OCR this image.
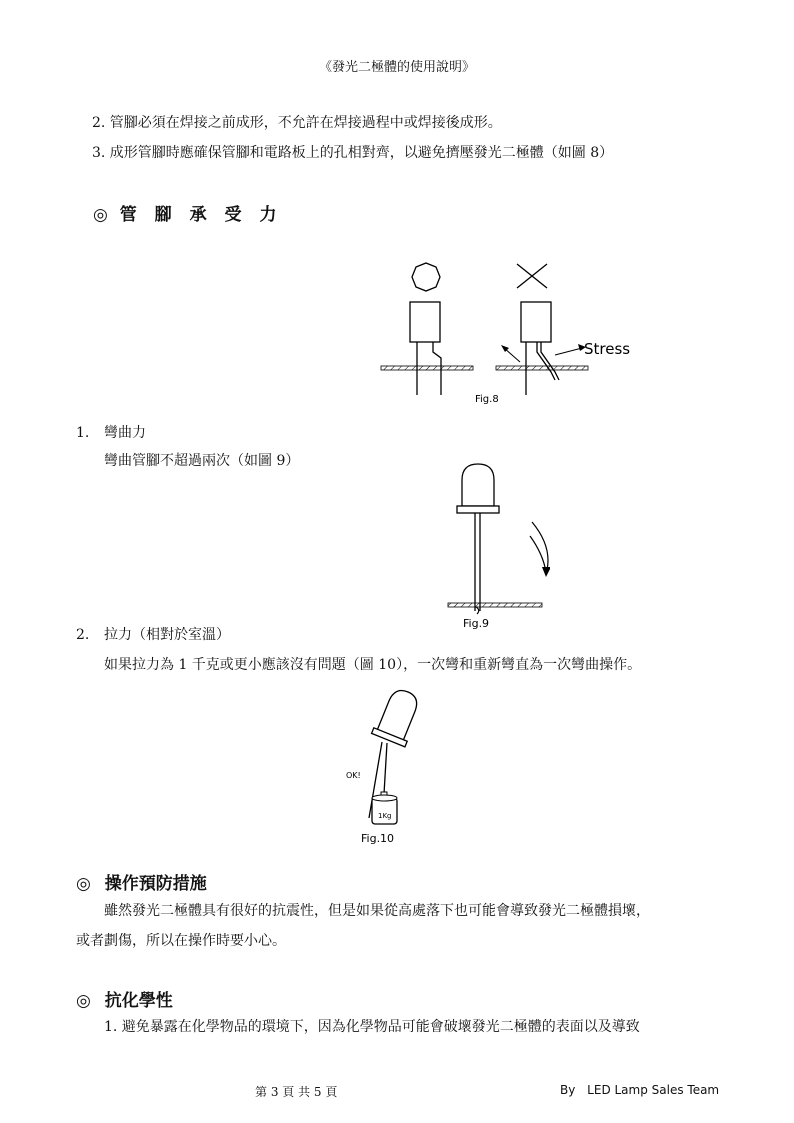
《發光二極體的使用說明》
2. 管腳必須在焊接之前成形，不允許在焊接過程中或焊接後成形。
3. 成形管腳時應確保管腳和電路板上的孔相對齊，以避免擠壓發光二極體（如圖 8）
◎ 管 腳 承 受 力
Stress
Fig.8
1. 彎曲力
彎曲管腳不超過兩次（如圖 9）
Fig.9
2. 拉力（相對於室溫）
如果拉力為 1 千克或更小應該沒有問題（圖 10），一次彎和重新彎直為一次彎曲操作。
OK!
1Kg
Fig.10
◎ 操作預防措施
雖然發光二極體具有很好的抗震性，但是如果從高處落下也可能會導致發光二極體損壞，
或者劃傷，所以在操作時要小心。
◎ 抗化學性
1. 避免暴露在化學物品的環境下，因為化學物品可能會破壞發光二極體的表面以及導致
第 3 頁 共 5 頁	By LED Lamp Sales Team
